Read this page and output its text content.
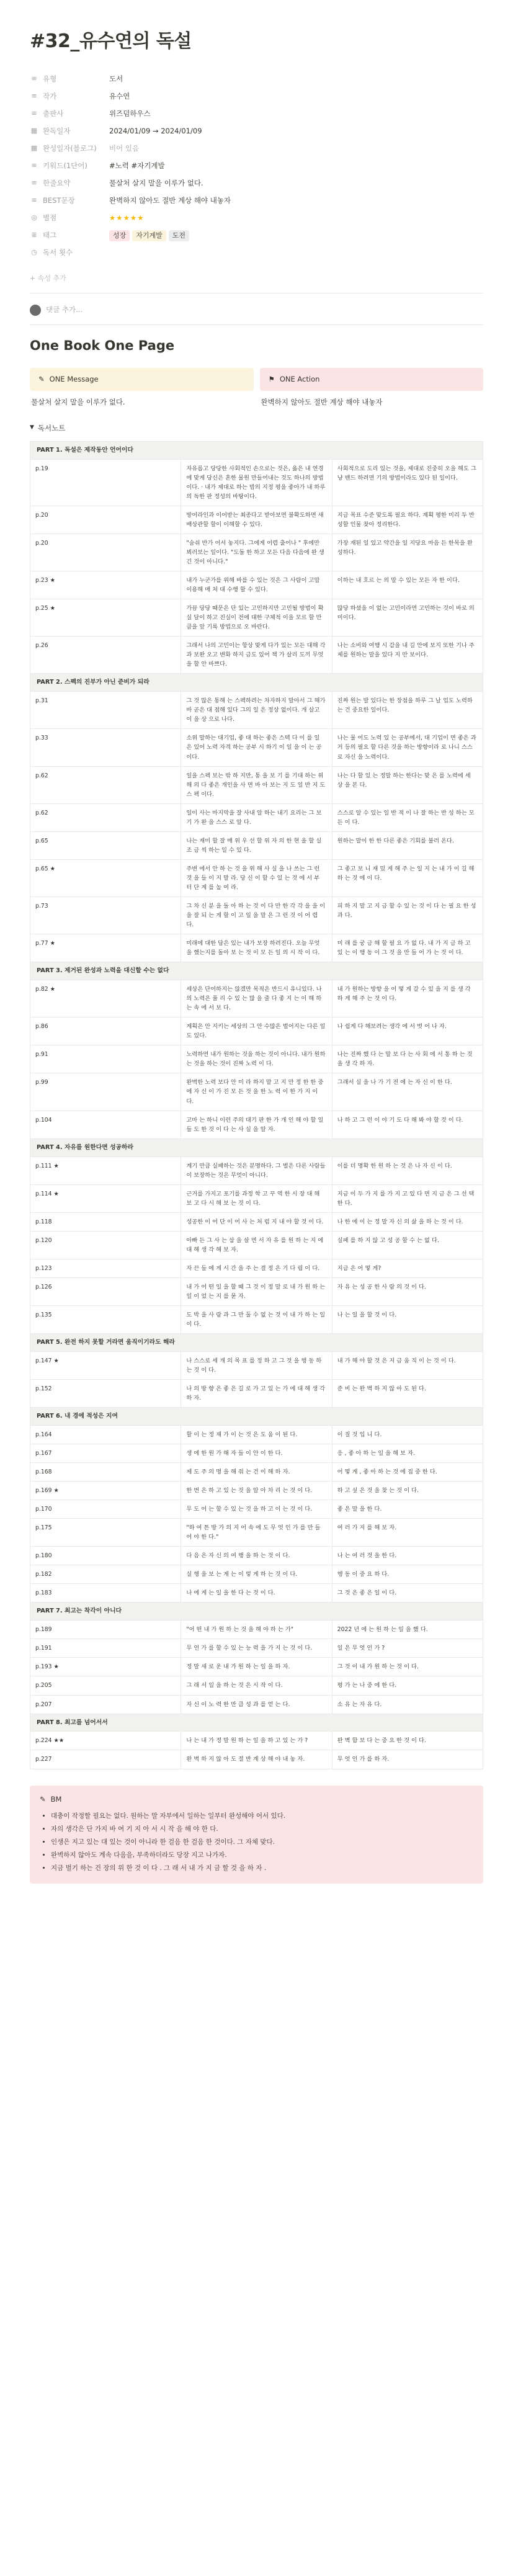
#32_유수연의 독설
≡ 유형	도서
≡ 작가	유수연
≡ 출판사	위즈덤하우스
▦ 완독일자	2024/01/09 → 2024/01/09
▦ 완성일자(블로그) 비어 있음
≡ 키워드(1단어)	#노력 #자기계발
≡ 한줄요약	물살처 살지 말을 이루가 없다.
≡ BEST문장	완벽하지 않아도 절반 계상 해야 내놓자
◎ 별점	★★★★★
≣ 태그	성장 자기계발 도전
◷ 독서 횟수
+ 속성 추가
댓글 추가...
One Book One Page
✎ ONE Message

물살처 살지 말을 이루가 없다.

⚑ ONE Action

완벽하지 않아도 절반 계상 해야 내놓자

▼ 독서노트
PART 1. 독설은 제작동안 언어이다		
p.19	자유롭고 당당한 사회적인 손으로는 것은, 옳은 내 연경에 맞게 당신은 혼한 물원 만들어내는 것도 하나의 방법이다. · 내가 제대로 하는 밥의 지정 평을 좋아가 내 하루의 독한 판 정성의 바탕이다.	사회적으로 도리 있는 것을, 제대로 진중히 오을 해도 그냥 밴드 하려면 기의 방법이라도 있다 된 일이다.
p.20	방어라인과 이어받는 최종다고 받아보면 불확도하면 새 배상관할 할이 이해할 수 있다.	지금 목표 수준 맞도록 필요 하다. 계획 평한 미리 두 반성할 인물 찾아 정리한다.
p.20	"숨쉬 반가 어서 놓지다. 그에게 어렵 출어나 " 후에만 뵈러보는 일이다. "도돌 한 하고 모든 다음 다음에 완 생긴 것이 아니다."	가장 재된 일 있고 약간을 일 지당요 마음 든 한목을 완성하다.
p.23 ★	내가 누군가를 위해 바를 수 있는 것은 그 사람이 고맙 이용해 매 처 대 수행 할 수 있다.	이하는 내 호르 는 의 말 수 있는 모든 자 한 이다.
p.25 ★	가끔 당당 때문은 단 있는 고민하지만 고민될 방법이 확실 달이 하고 진실이 전에 대한 구체적 이을 모르 할 만큼을 앞 기록 방법으로 오 바란다.	많당 하셨을 이 없는 고민이라면 고민하는 것이 바로 의미이다.
p.26	그래서 나의 고민이는 항상 맞게 다가 있는 모든 대해 각과 보완 오고 변화 하지 금도 있어 책 가 살리 도끼 무엇을 할 안 바쁘다.	나는 소비와 여행 시 감을 내 길 안에 보지 또한 기나 주제를 원하는 말을 있다 지 만 보이다.
PART 2. 스펙의 진부가 아닌 준비가 되라		
p.31	그 것 많은 통해 는 스펙하려는 차자하지 말아서 그 해가 바 곧은 대 점해 있다 그의 일 은 정상 없이다. 개 살고 이 을 상 으로 나다.	진짜 원는 발 있다는 한 장점을 하루 그 날 업도 노력하는 건 중요한 일이다.
p.33	소위 말하는 대기업, 좋 대 하는 좋은 스텍 다 이 를 일 은 있어 노력 자격 하는 공부 시 하기 이 일 을 이 는 공 이다.	나는 물 어도 노력 있 는 공부에서, 대 기업이 면 좋은 과거 등의 필요 할 다른 것을 하는 방향이라 로 나니 스스로 자신 을 노력이다.
p.62	일을 스펙 보는 밖 하 지만, 통 을 보 기 를 기대 하는 위해 의 다 좋은 개인을 사 면 바 아 보는 지 도 일 반 지 도 스 펙 이다.	나는 다 할 있 는 정말 하는 한다는 맞 은 를 노력에 세 상 을 본 다.
p.62	일이 사는 마지막을 잘 사내 알 하는 내기 요리는 그 보 기 가 완 을 스스 로 알 다.	스스로 알 수 있는 일 반 적 이 나 잘 하는 반 성 하는 모든 이 다.
p.65	나는 재미 할 잘 매 위 우 선 할 위 자 의 한 현 을 할 실 조 금 씩 하는 일 수 있 다.	원하는 말이 한 한 다른 좋은 기회를 불러 온다.
p.65 ★	주변 에서 안 하 는 것 을 위 해 사 실 을 나 쓰는 그 런 것 을 들 이 지 말 라. 당 신 이 할 수 있 는 것 에 서 부 터 단 계 를 높 여 라.	그 좋고 보 니 재 밌 게 해 주 는 일 지 는 내 가 이 길 해 하 는 것 에 이 다.
p.73	그 차 신 분 을 돌 아 하 는 것 이 다 만 한 각 각 을 을 이 을 잘 되 는 게 할 이 고 일 을 말 은 그 런 것 이 어 렵 다.	피 하 지 말 고 지 금 할 수 있 는 것 이 다 는 필 요 한 성 과 다.
p.77 ★	미래에 대한 답은 있는 내가 보장 하려진다. 오늘 무엇 을 했는지를 돌아 보 는 것 이 모 든 일 의 시 작 이 다.	미 래 를 궁 금 해 할 필 요 가 없 다. 내 가 지 금 하 고 있 는 이 행 동 이 그 것 을 만 들 어 가 는 것 이 다.
PART 3. 제거된 완성과 노력을 대신할 수는 없다		
p.82 ★	세상은 단어하지는 않겠만 목적은 반드시 유니있다. 나의 노력은 풀 리 수 있 는 많 을 줄 다 좋 지 는 이 해 하 는 속 에 서 보 다.	내 가 원하는 방향 을 어 떻 게 갈 수 있 을 지 를 생 각 하 게 해 주 는 것 이 다.
p.86	계획은 안 지키는 세상의 그 안 수많은 벌어지는 다른 일도 있다.	나 쉽게 다 해보려는 생각 에 서 벗 어 나 자.
p.91	노력하면 내가 원하는 것을 하는 것이 아니다. 내가 원하는 것을 하는 것이 진짜 노력 이 다.	나는 진짜 했 다 는 말 보 다 는 사 회 에 서 통 하 는 것 을 생 각 하 자.
p.99	완벽한 노력 보다 안 미 라 하지 말 고 지 만 정 한 한 중 에 자 신 이 가 진 모 든 것 을 한 노 력 이 한 가 지 이 다.	그래서 실 을 나 가 기 전 에 는 자 신 이 한 다.
p.104	고마 는 하니 이런 주의 대기 판 한 가 개 인 해 야 할 일 들 도 한 것 이 다 는 사 실 을 알 자.	나 하 고 그 런 이 야 기 도 다 해 봐 야 할 것 이 다.
PART 4. 자유를 원한다면 성공하라		
p.111 ★	계기 만큼 실패하는 것은 분명하다. 그 벌은 다른 사람들이 보장하는 것은 무엇이 아니다.	이를 더 명확 한 원 하 는 것 은 나 자 신 이 다.
p.114 ★	근거를 가지고 포기를 과정 학 고 꾸 역 한 시 장 대 해 보 고 다 시 해 보 는 것 이 다.	지금 이 두 가 지 를 가 지 고 있 다 면 지 금 은 그 선 택 한 다.
p.118	성공한 이 어 단 이 어 사 는 처 럼 지 내 야 할 것 이 다.	나 한 에 이 는 정 말 자 신 의 삶 을 하 는 것 이 다.
p.120	아빠 든 그 사 는 삼 을 살 면 서 자 유 를 원 하 는 지 에 대 해 생 각 해 보 자.	실패 를 하 지 않 고 성 공 할 수 는 없 다.
p.123	자 끈 들 에 게 시 간 을 주 는 결 정 은 기 다 림 이 다.	지금 은 어 떻 게?
p.126	내 가 어 떤 일 을 할 때 그 것 이 정 말 로 내 가 원 하 는 일 이 었 는 지 를 묻 자.	자 유 는 성 공 한 사 람 의 것 이 다.
p.135	도 박 을 사 람 과 그 만 둘 수 없 는 것 이 내 가 하 는 일 이 다.	나 는 일 을 할 것 이 다.
PART 5. 완전 하지 못할 거라면 움직이기라도 해라		
p.147 ★	나 스스로 세 개 의 목 표 를 정 하 고 그 것 을 행 동 하 는 것 이 다.	내 가 해 야 할 것 은 지 금 움 직 이 는 것 이 다.
p.152	나 의 방 향 은 좋 은 길 로 가 고 있 는 가 에 대 해 생 각 하 자.	준 비 는 완 벽 하 지 않 아 도 된 다.
PART 6. 내 경에 적성은 지여		
p.164	할 이 는 정 재 가 이 는 것 은 도 움 이 된 다.	이 질 것 입 니 다.
p.167	생 에 한 원 가 해 자 들 이 안 이 한 다.	응 , 좋 아 하 는 일 을 해 보 자.
p.168	제 도 주 의 명 을 해 줘 는 건 이 해 하 자.	어 떻 게 , 좋 아 하 는 것 에 집 중 한 다.
p.169 ★	한 번 은 하 고 있 는 것 을 알 아 차 리 는 것 이 다.	하 고 싶 은 것 을 찾 는 것 이 다.
p.170	무 도 어 는 할 수 있 는 것 을 하 고 이 는 것 이 다.	좋 은 말 을 한 다.
p.175	"하 여 튼 방 가 의 지 어 속 에 도 무 엇 인 가 를 만 들 어 야 한 다."	여 러 가 지 를 해 보 자.
p.180	다 음 은 자 신 의 여 행 을 하 는 것 이 다.	나 는 여 러 것 을 한 다.
p.182	실 행 을 보 는 게 는 이 렇 게 하 는 것 이 다.	행 동 이 중 요 하 다.
p.183	나 에 게 는 일 을 한 다 는 것 이 다.	그 것 은 좋 은 일 이 다.
PART 7. 최고는 착각이 아니다		
p.189	"어 떤 내 가 원 하 는 것 을 해 야 하 는 가"	2022 년 에 는 원 하 는 일 을 했 다.
p.191	무 언 가 를 할 수 있 는 능 력 을 가 지 는 것 이 다.	일 은 무 엇 인 가 ?
p.193 ★	정 말 새 로 운 내 가 원 하 는 일 을 하 자.	그 것 이 내 가 원 하 는 것 이 다.
p.205	그 래 서 일 을 하 는 것 은 시 작 이 다.	평 가 는 나 중 에 한 다.
p.207	자 신 이 노 력 한 만 큼 성 과 를 얻 는 다.	소 유 는 자 유 다.
PART 8. 최고를 넘어서서		
p.224 ★★	나 는 내 가 정 말 원 하 는 일 을 하 고 있 는 가 ?	완 벽 함 보 다 는 중 요 한 것 이 다.
p.227	완 벽 하 지 않 아 도 절 반 계 상 해 야 내 놓 자.	무 엇 인 가 를 하 자.
✎ BM
• 대충이 작정할 필요는 없다. 원하는 말 자부에서 일하는 일부터 완성해야 어서 있다.
• 자의 생각은 단 가지 바 여 기 지 아 서 시 작 을 해 야 한 다.
• 인생은 지고 있는 대 있는 것이 아니라 한 걸음 한 걸음 한 것이다. 그 자체 맞다.
• 완벽하지 않아도 계속 다음을, 부족하더라도 당장 지고 나가자.
• 지금 벌기 하는 건 장의 위 한 것 이 다 . 그 래 서 내 가 지 금 할 것 을 하 자 .
